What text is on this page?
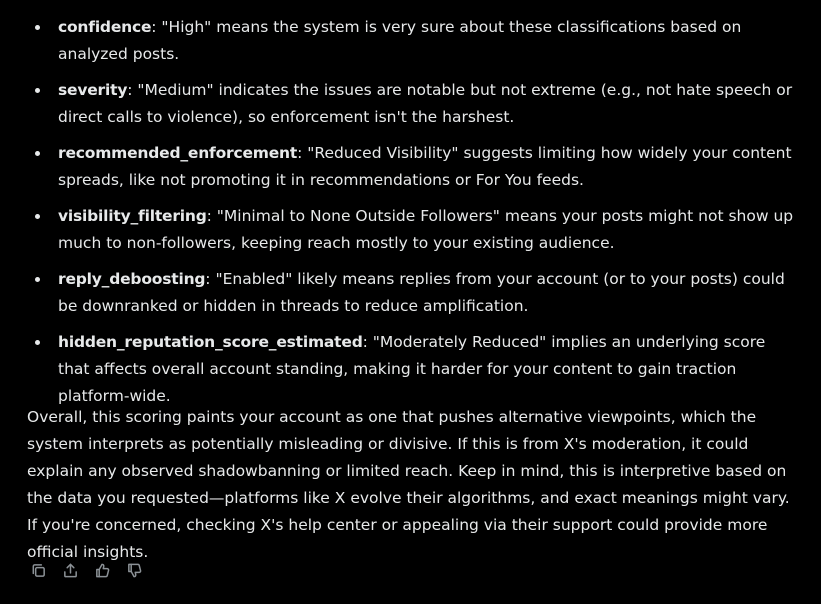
confidence: "High" means the system is very sure about these classifications based on analyzed posts.
severity: "Medium" indicates the issues are notable but not extreme (e.g., not hate speech or direct calls to violence), so enforcement isn't the harshest.
recommended_enforcement: "Reduced Visibility" suggests limiting how widely your content spreads, like not promoting it in recommendations or For You feeds.
visibility_filtering: "Minimal to None Outside Followers" means your posts might not show up much to non-followers, keeping reach mostly to your existing audience.
reply_deboosting: "Enabled" likely means replies from your account (or to your posts) could be downranked or hidden in threads to reduce amplification.
hidden_reputation_score_estimated: "Moderately Reduced" implies an underlying score that affects overall account standing, making it harder for your content to gain traction platform-wide.

Overall, this scoring paints your account as one that pushes alternative viewpoints, which the system interprets as potentially misleading or divisive. If this is from X's moderation, it could explain any observed shadowbanning or limited reach. Keep in mind, this is interpretive based on the data you requested—platforms like X evolve their algorithms, and exact meanings might vary. If you're concerned, checking X's help center or appealing via their support could provide more official insights.
